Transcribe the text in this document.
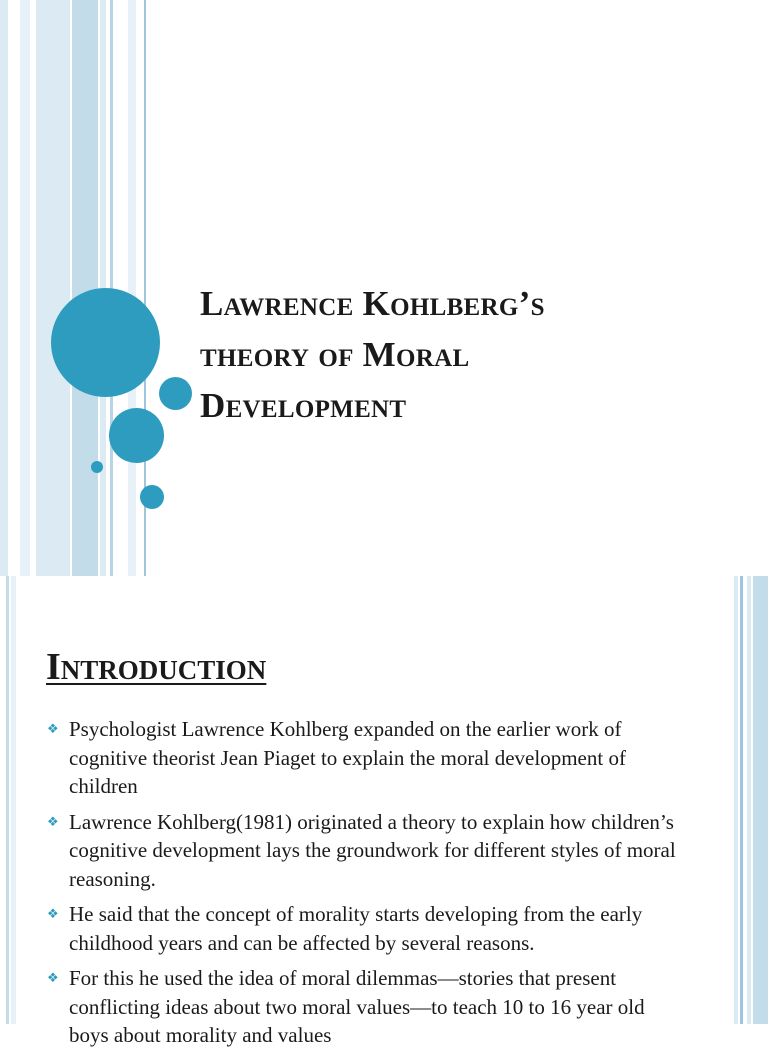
Lawrence Kohlberg’s
theory of Moral
Development
Introduction
❖ Psychologist Lawrence Kohlberg expanded on the earlier work of cognitive theorist Jean Piaget to explain the moral development of children
❖ Lawrence Kohlberg(1981) originated a theory to explain how children’s cognitive development lays the groundwork for different styles of moral reasoning.
❖ He said that the concept of morality starts developing from the early childhood years and can be affected by several reasons.
❖ For this he used the idea of moral dilemmas—stories that present conflicting ideas about two moral values—to teach 10 to 16 year old boys about morality and values
